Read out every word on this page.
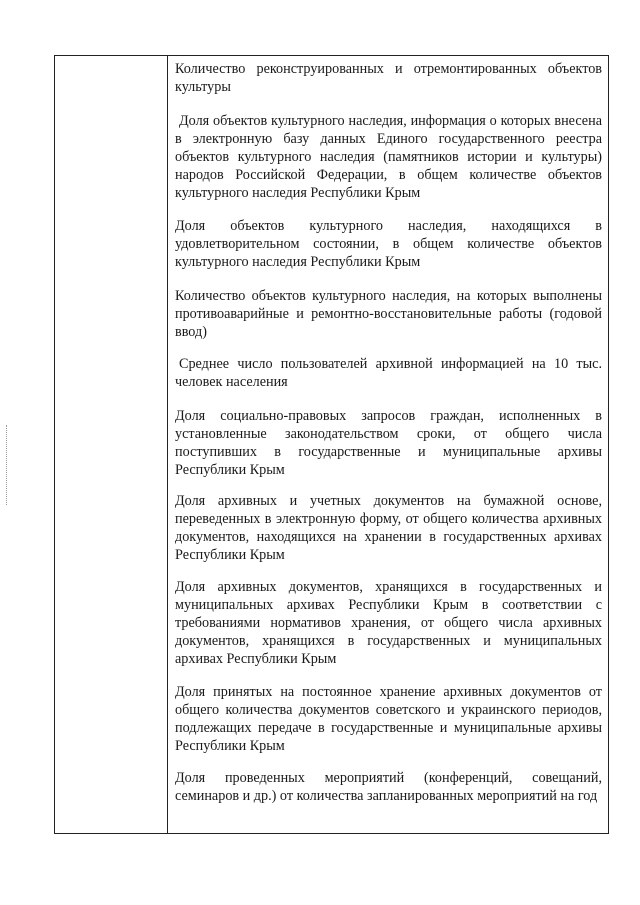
Количество реконструированных и отремонтированных объектов культуры

Доля объектов культурного наследия, информация о которых внесена в электронную базу данных Единого государственного реестра объектов культурного наследия (памятников истории и культуры) народов Российской Федерации, в общем количестве объектов культурного наследия Республики Крым

Доля объектов культурного наследия, находящихся в удовлетворительном состоянии, в общем количестве объектов культурного наследия Республики Крым

Количество объектов культурного наследия, на которых выполнены противоаварийные и ремонтно-восстановительные работы (годовой ввод)

Среднее число пользователей архивной информацией на 10 тыс. человек населения

Доля социально-правовых запросов граждан, исполненных в установленные законодательством сроки, от общего числа поступивших в государственные и муниципальные архивы Республики Крым

Доля архивных и учетных документов на бумажной основе, переведенных в электронную форму, от общего количества архивных документов, находящихся на хранении в государственных архивах Республики Крым

Доля архивных документов, хранящихся в государственных и муниципальных архивах Республики Крым в соответствии с требованиями нормативов хранения, от общего числа архивных документов, хранящихся в государственных и муниципальных архивах Республики Крым

Доля принятых на постоянное хранение архивных документов от общего количества документов советского и украинского периодов, подлежащих передаче в государственные и муниципальные архивы Республики Крым

Доля проведенных мероприятий (конференций, совещаний, семинаров и др.) от количества запланированных мероприятий на год
